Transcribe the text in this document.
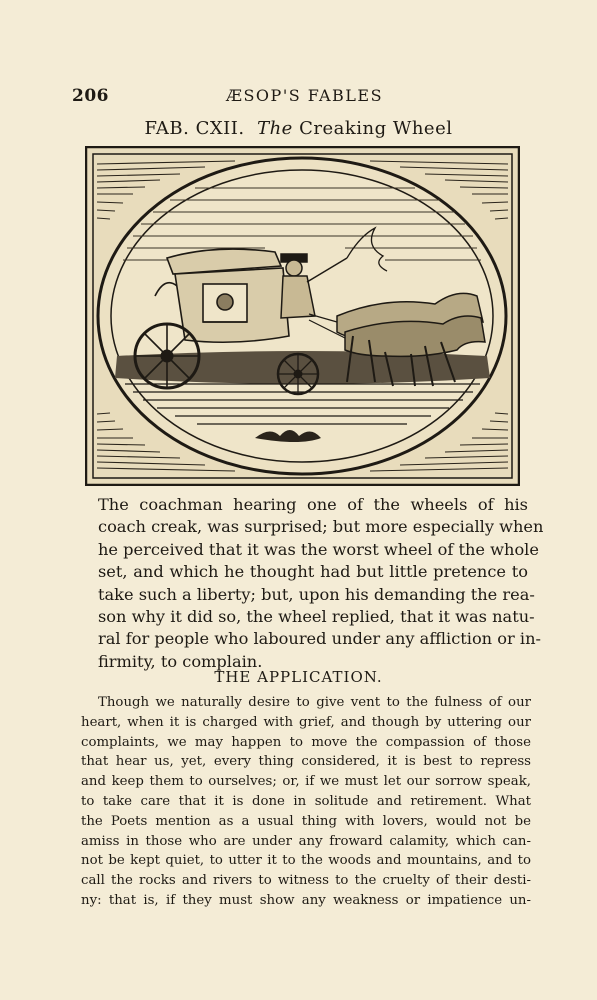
206	ÆSOP'S FABLES
FAB. CXII. The Creaking Wheel
The coachman hearing one of the wheels of his
coach creak, was surprised; but more especially when
he perceived that it was the worst wheel of the whole
set, and which he thought had but little pretence to
take such a liberty; but, upon his demanding the rea-
son why it did so, the wheel replied, that it was natu-
ral for people who laboured under any affliction or in-
firmity, to complain.
THE APPLICATION.
Though we naturally desire to give vent to the fulness of our
heart, when it is charged with grief, and though by uttering our
complaints, we may happen to move the compassion of those
that hear us, yet, every thing considered, it is best to repress
and keep them to ourselves; or, if we must let our sorrow speak,
to take care that it is done in solitude and retirement. What
the Poets mention as a usual thing with lovers, would not be
amiss in those who are under any froward calamity, which can-
not be kept quiet, to utter it to the woods and mountains, and to
call the rocks and rivers to witness to the cruelty of their desti-
ny: that is, if they must show any weakness or impatience un-
